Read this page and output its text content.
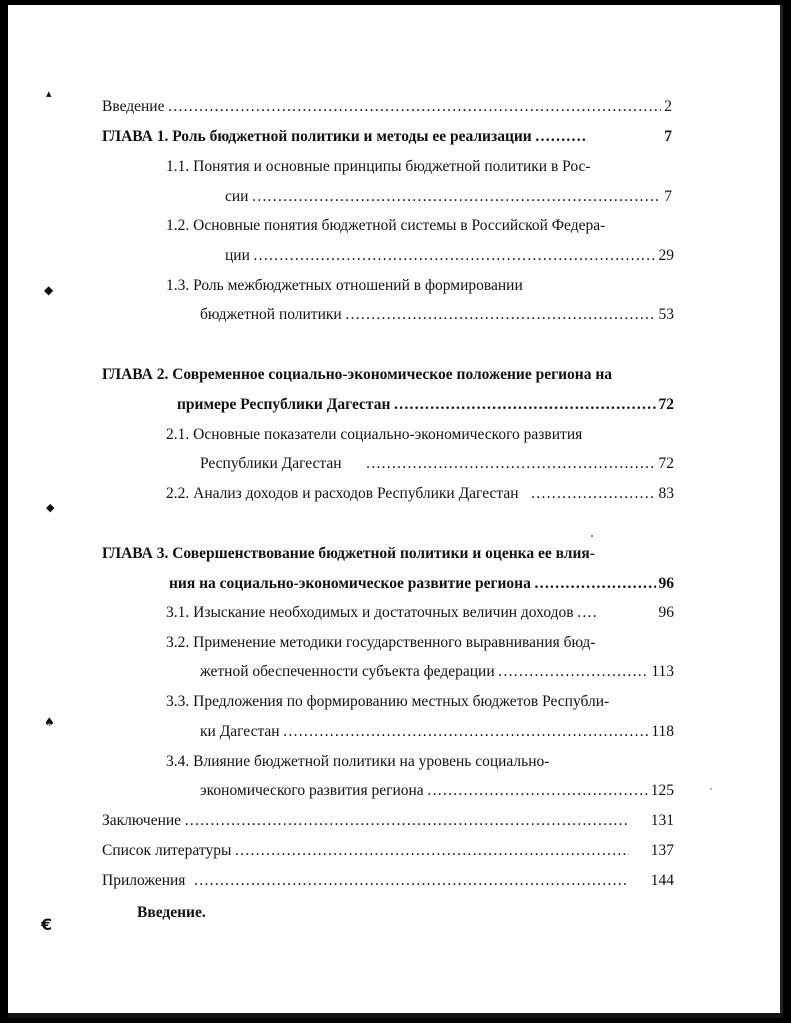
▴
◆
◆
♠
€
Введение ………………………………………………………………………………………………………………………………………………………………………………	2
ГЛАВА 1. Роль бюджетной политики и методы ее реализации ………………………………………………………………………………………………………………………………………………………………………………	7
1.1. Понятия и основные принципы бюджетной политики в Рос-
сии ………………………………………………………………………………………………………………………………………………………………………………	7
1.2. Основные понятия бюджетной системы в Российской Федера-
ции ………………………………………………………………………………………………………………………………………………………………………………	29
1.3. Роль межбюджетных отношений в формировании
бюджетной политики ………………………………………………………………………………………………………………………………………………………………………………	53
ГЛАВА 2. Современное социально-экономическое положение региона на
примере Республики Дагестан ………………………………………………………………………………………………………………………………………………………………………………	72
2.1. Основные показатели социально-экономического развития
Республики Дагестан ………………………………………………………………………………………………………………………………………………………………………………	72
2.2. Анализ доходов и расходов Республики Дагестан ………………………………………………………………………………………………………………………………………………………………………………	83
ГЛАВА 3. Совершенствование бюджетной политики и оценка ее влия-
ния на социально-экономическое развитие региона ………………………………………………………………………………………………………………………………………………………………………………	96
3.1. Изыскание необходимых и достаточных величин доходов ………………………………………………………………………………………………………………………………………………………………………………	96
3.2. Применение методики государственного выравнивания бюд-
жетной обеспеченности субъекта федерации ………………………………………………………………………………………………………………………………………………………………………………	113
3.3. Предложения по формированию местных бюджетов Республи-
ки Дагестан ………………………………………………………………………………………………………………………………………………………………………………	118
3.4. Влияние бюджетной политики на уровень социально-
экономического развития региона ………………………………………………………………………………………………………………………………………………………………………………	125
Заключение ………………………………………………………………………………………………………………………………………………………………………………	131
Список литературы ………………………………………………………………………………………………………………………………………………………………………………	137
Приложения ………………………………………………………………………………………………………………………………………………………………………………	144
Введение.
